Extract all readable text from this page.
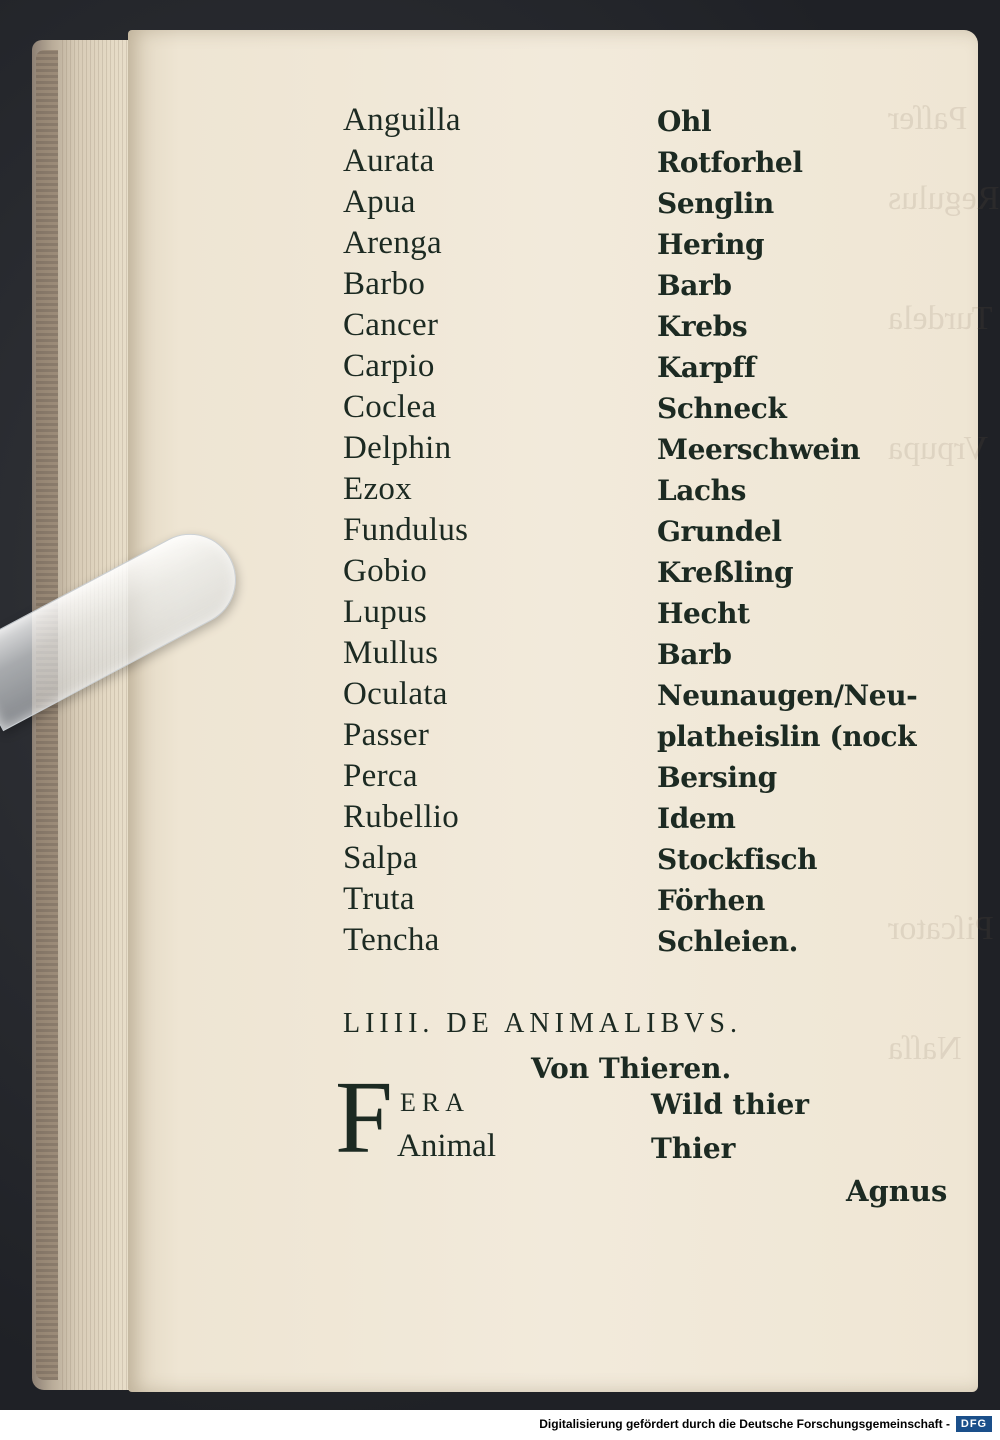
Paſſer
Regulus
Turdela
Vrpupa
Piſcator
Naſſa
Anguilla
Aurata
Apua
Arenga
Barbo
Cancer
Carpio
Coclea
Delphin
Ezox
Fundulus
Gobio
Lupus
Mullus
Oculata
Passer
Perca
Rubellio
Salpa
Truta
Tencha
Ohl
Rotforhel
Senglin
Hering
Barb
Krebs
Karpff
Schneck
Meerschwein
Lachs
Grundel
Kreßling
Hecht
Barb
Neunaugen/Neu-
platheislin (nock
Bersing
Idem
Stockfisch
Förhen
Schleien.
LIIII. DE ANIMALIBVS.
Von Thieren.
F ERA
Animal
Wild thier
Thier
Agnus
Digitalisierung gefördert durch die Deutsche Forschungsgemeinschaft - DFG
